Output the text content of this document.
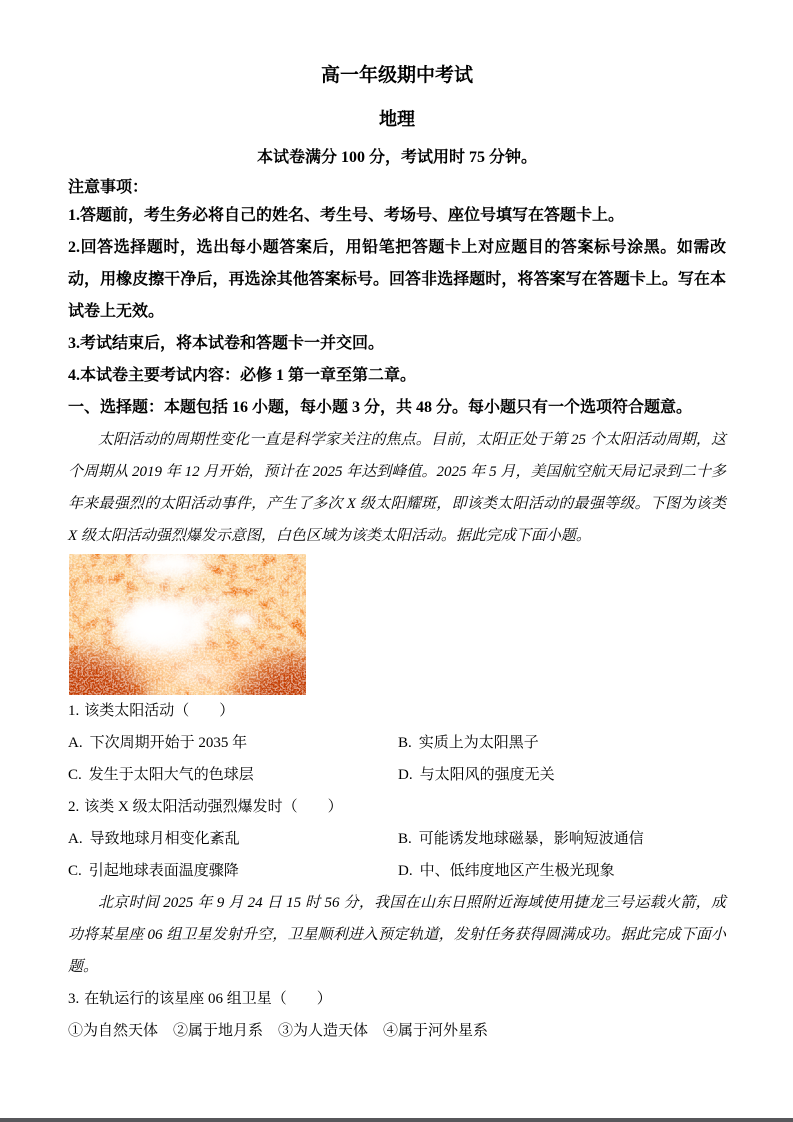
高一年级期中考试
地理

本试卷满分 100 分，考试用时 75 分钟。

注意事项：

1.答题前，考生务必将自己的姓名、考生号、考场号、座位号填写在答题卡上。

2.回答选择题时，选出每小题答案后，用铅笔把答题卡上对应题目的答案标号涂黑。如需改动，用橡皮擦干净后，再选涂其他答案标号。回答非选择题时，将答案写在答题卡上。写在本试卷上无效。

3.考试结束后，将本试卷和答题卡一并交回。

4.本试卷主要考试内容：必修 1 第一章至第二章。

一、选择题：本题包括 16 小题，每小题 3 分，共 48 分。每小题只有一个选项符合题意。

太阳活动的周期性变化一直是科学家关注的焦点。目前，太阳正处于第 25 个太阳活动周期，这个周期从 2019 年 12 月开始，预计在 2025 年达到峰值。2025 年 5 月，美国航空航天局记录到二十多年来最强烈的太阳活动事件，产生了多次 X 级太阳耀斑，即该类太阳活动的最强等级。下图为该类 X 级太阳活动强烈爆发示意图，白色区域为该类太阳活动。据此完成下面小题。

1. 该类太阳活动（　　）

A. 下次周期开始于 2035 年	B. 实质上为太阳黑子
C. 发生于太阳大气的色球层	D. 与太阳风的强度无关

2. 该类 X 级太阳活动强烈爆发时（　　）

A. 导致地球月相变化紊乱	B. 可能诱发地球磁暴，影响短波通信
C. 引起地球表面温度骤降	D. 中、低纬度地区产生极光现象

北京时间 2025 年 9 月 24 日 15 时 56 分，我国在山东日照附近海域使用捷龙三号运载火箭，成功将某星座 06 组卫星发射升空，卫星顺利进入预定轨道，发射任务获得圆满成功。据此完成下面小题。

3. 在轨运行的该星座 06 组卫星（　　）

①为自然天体　②属于地月系　③为人造天体　④属于河外星系
